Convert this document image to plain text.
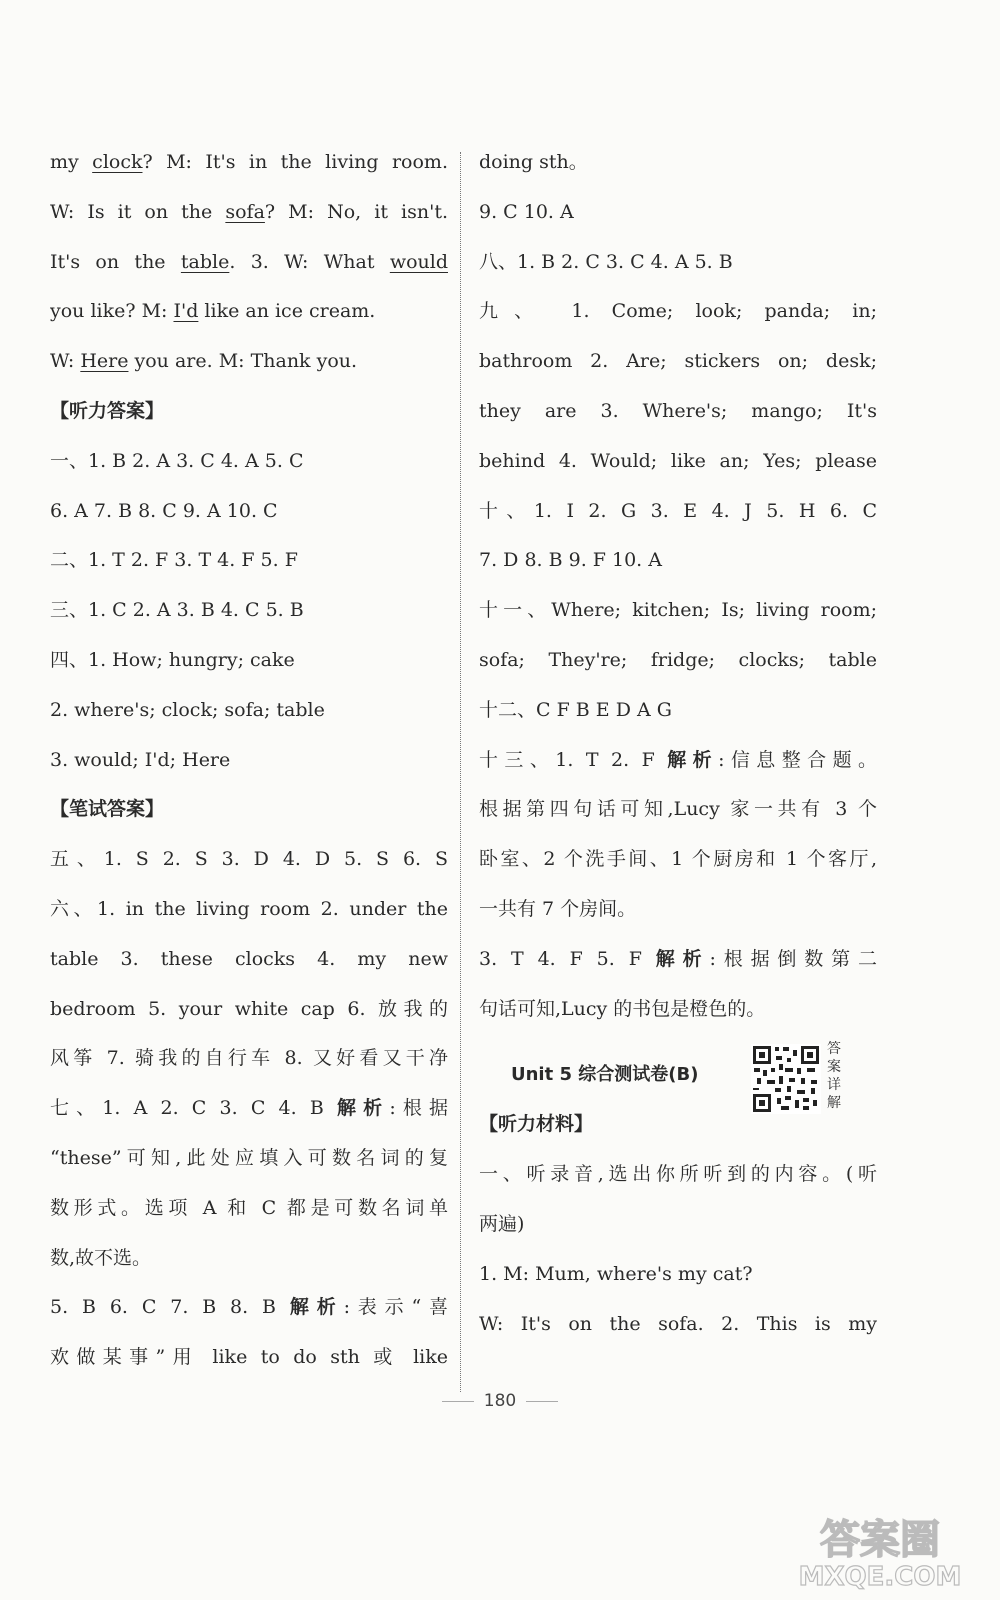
my clock? M: It's in the living room.
W: Is it on the sofa? M: No, it isn't.
It's on the table. 3. W: What would
you like? M: I'd like an ice cream.
W: Here you are. M: Thank you.
【听力答案】
一、1. B 2. A 3. C 4. A 5. C
6. A 7. B 8. C 9. A 10. C
二、1. T 2. F 3. T 4. F 5. F
三、1. C 2. A 3. B 4. C 5. B
四、1. How; hungry; cake
2. where's; clock; sofa; table
3. would; I'd; Here
【笔试答案】
五、1. S 2. S 3. D 4. D 5. S 6. S
六、1. in the living room 2. under the
table 3. these clocks 4. my new
bedroom 5. your white cap 6. 放我的
风筝 7. 骑我的自行车 8. 又好看又干净
七、1. A 2. C 3. C 4. B 解析:根据
“these”可知,此处应填入可数名词的复
数形式。选项 A 和 C 都是可数名词单
数,故不选。
5. B 6. C 7. B 8. B 解析:表示“喜
欢做某事”用 like to do sth 或 like
doing sth。
9. C 10. A
八、1. B 2. C 3. C 4. A 5. B
九、 1. Come; look; panda; in;
bathroom 2. Are; stickers on; desk;
they are 3. Where's; mango; It's
behind 4. Would; like an; Yes; please
十、1. I 2. G 3. E 4. J 5. H 6. C
7. D 8. B 9. F 10. A
十一、Where; kitchen; Is; living room;
sofa; They're; fridge; clocks; table
十二、C F B E D A G
十三、1. T 2. F 解析:信息整合题。
根据第四句话可知,Lucy 家一共有 3 个
卧室、2 个洗手间、1 个厨房和 1 个客厅,
一共有 7 个房间。
3. T 4. F 5. F 解析:根据倒数第二
句话可知,Lucy 的书包是橙色的。
Unit 5 综合测试卷(B)
答案详解
【听力材料】
一、听录音,选出你所听到的内容。(听
两遍)
1. M: Mum, where's my cat?
W: It's on the sofa. 2. This is my
180
答案圈
MXQE.COM
